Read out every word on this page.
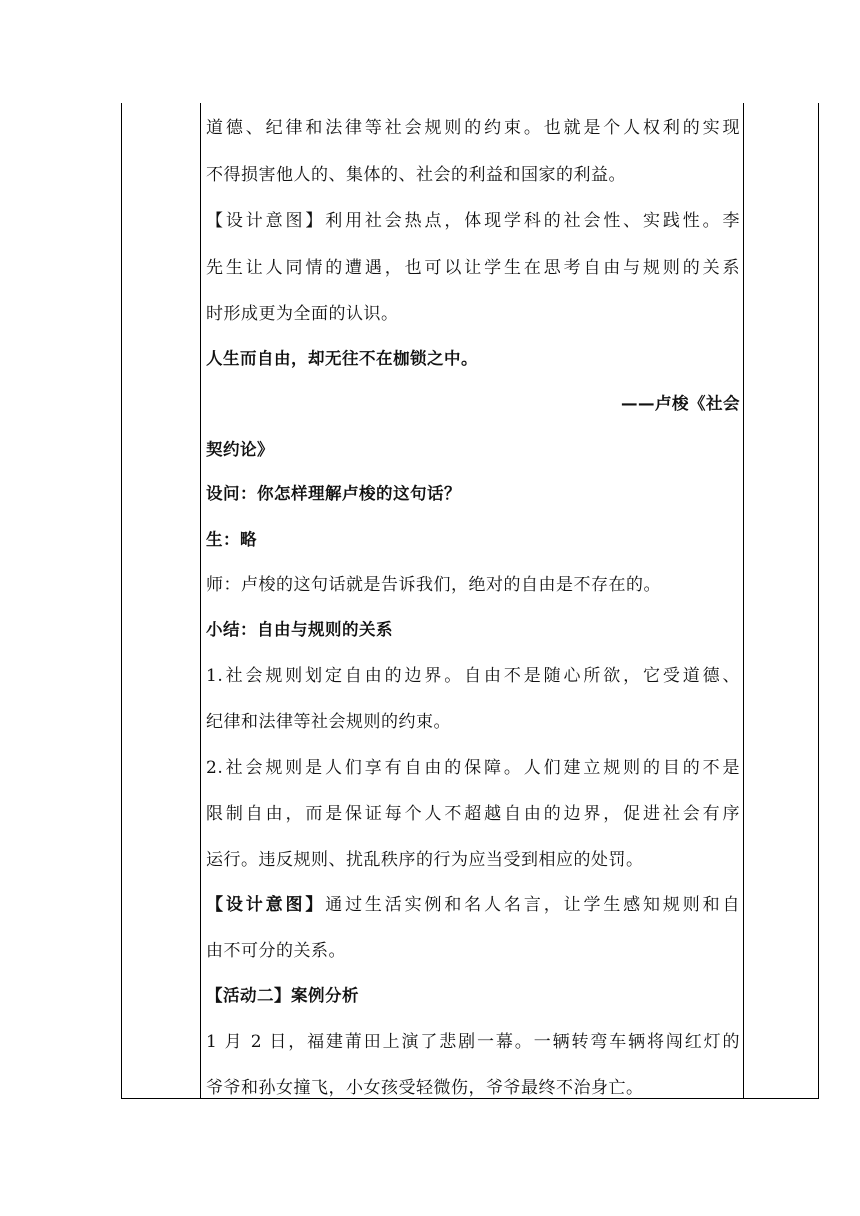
道德、纪律和法律等社会规则的约束。也就是个人权利的实现
不得损害他人的、集体的、社会的利益和国家的利益。
【设计意图】利用社会热点，体现学科的社会性、实践性。李
先生让人同情的遭遇，也可以让学生在思考自由与规则的关系
时形成更为全面的认识。
人生而自由，却无往不在枷锁之中。
——卢梭《社会
契约论》
设问：你怎样理解卢梭的这句话？
生：略
师：卢梭的这句话就是告诉我们，绝对的自由是不存在的。
小结：自由与规则的关系
1.社会规则划定自由的边界。自由不是随心所欲，它受道德、
纪律和法律等社会规则的约束。
2.社会规则是人们享有自由的保障。人们建立规则的目的不是
限制自由，而是保证每个人不超越自由的边界，促进社会有序
运行。违反规则、扰乱秩序的行为应当受到相应的处罚。
【设计意图】通过生活实例和名人名言，让学生感知规则和自
由不可分的关系。
【活动二】案例分析
1 月 2 日，福建莆田上演了悲剧一幕。一辆转弯车辆将闯红灯的
爷爷和孙女撞飞，小女孩受轻微伤，爷爷最终不治身亡。
